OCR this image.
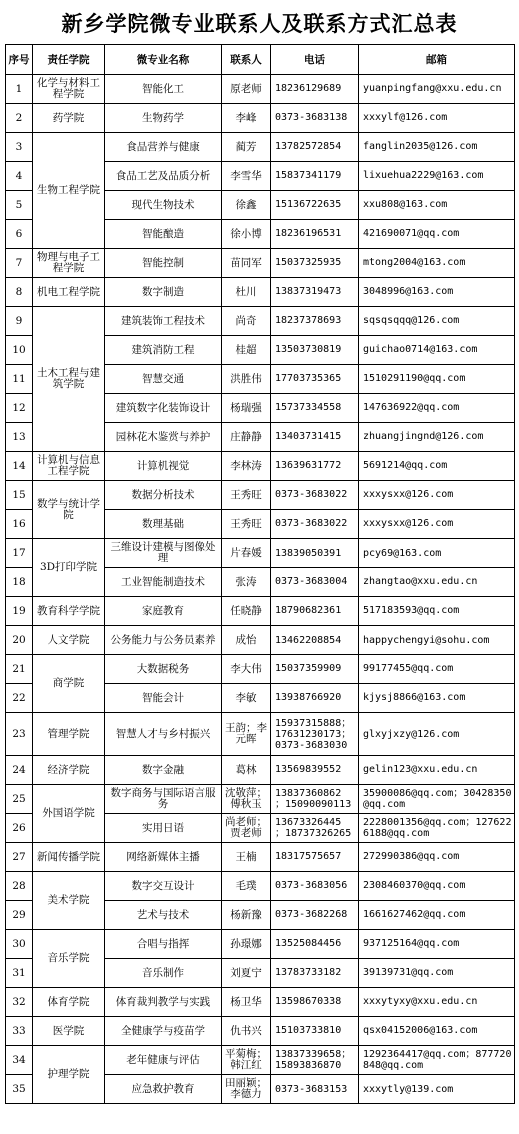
新乡学院微专业联系人及联系方式汇总表
序号	责任学院	微专业名称	联系人	电话	邮箱
1	化学与材料工程学院	智能化工	原老师	18236129689	yuanpingfang@xxu.edu.cn
2	药学院	生物药学	李峰	0373-3683138	xxxylf@126.com
3	生物工程学院	食品营养与健康	蔺芳	13782572854	fanglin2035@126.com
4		食品工艺及品质分析	李雪华	15837341179	lixuehua2229@163.com
5		现代生物技术	徐鑫	15136722635	xxu808@163.com
6		智能酿造	徐小博	18236196531	421690071@qq.com
7	物理与电子工程学院	智能控制	苗同军	15037325935	mtong2004@163.com
8	机电工程学院	数字制造	杜川	13837319473	3048996@163.com
9	土木工程与建筑学院	建筑装饰工程技术	尚奇	18237378693	sqsqsqqq@126.com
10		建筑消防工程	桂超	13503730819	guichao0714@163.com
11		智慧交通	洪胜伟	17703735365	1510291190@qq.com
12		建筑数字化装饰设计	杨瑞强	15737334558	147636922@qq.com
13		园林花木鉴赏与养护	庄静静	13403731415	zhuangjingnd@126.com
14	计算机与信息工程学院	计算机视觉	李林涛	13639631772	5691214@qq.com
15	数学与统计学院	数据分析技术	王秀旺	0373-3683022	xxxysxx@126.com
16		数理基础	王秀旺	0373-3683022	xxxysxx@126.com
17	3D打印学院	三维设计建模与图像处理	片春媛	13839050391	pcy69@163.com
18		工业智能制造技术	张涛	0373-3683004	zhangtao@xxu.edu.cn
19	教育科学学院	家庭教育	任晓静	18790682361	517183593@qq.com
20	人文学院	公务能力与公务员素养	成怡	13462208854	happychengyi@sohu.com
21	商学院	大数据税务	李大伟	15037359909	99177455@qq.com
22		智能会计	李敏	13938766920	kjysj8866@163.com
23	管理学院	智慧人才与乡村振兴	王韵；李元晖	15937315888；17631230173；0373-3683030	glxyjxzy@126.com
24	经济学院	数字金融	葛林	13569839552	gelin123@xxu.edu.cn
25	外国语学院	数字商务与国际语言服务	沈敬萍；傅秋玉	13837360862 ；15090090113	35900086@qq.com；30428350@qq.com
26		实用日语	尚老师；贾老师	13673326445 ；18737326265	2228001356@qq.com；1276226188@qq.com
27	新闻传播学院	网络新媒体主播	王楠	18317575657	272990386@qq.com
28	美术学院	数字交互设计	毛璞	0373-3683056	2308460370@qq.com
29		艺术与技术	杨新豫	0373-3682268	1661627462@qq.com
30	音乐学院	合唱与指挥	孙璟娜	13525084456	937125164@qq.com
31		音乐制作	刘夏宁	13783733182	39139731@qq.com
32	体育学院	体育裁判教学与实践	杨卫华	13598670338	xxxytyxy@xxu.edu.cn
33	医学院	全健康学与疫苗学	仇书兴	15103733810	qsx04152006@163.com
34	护理学院	老年健康与评估	平菊梅；韩江红	13837339658；15893836870	1292364417@qq.com；877720848@qq.com
35		应急救护教育	田丽颖；李德力	0373-3683153	xxxytly@139.com
